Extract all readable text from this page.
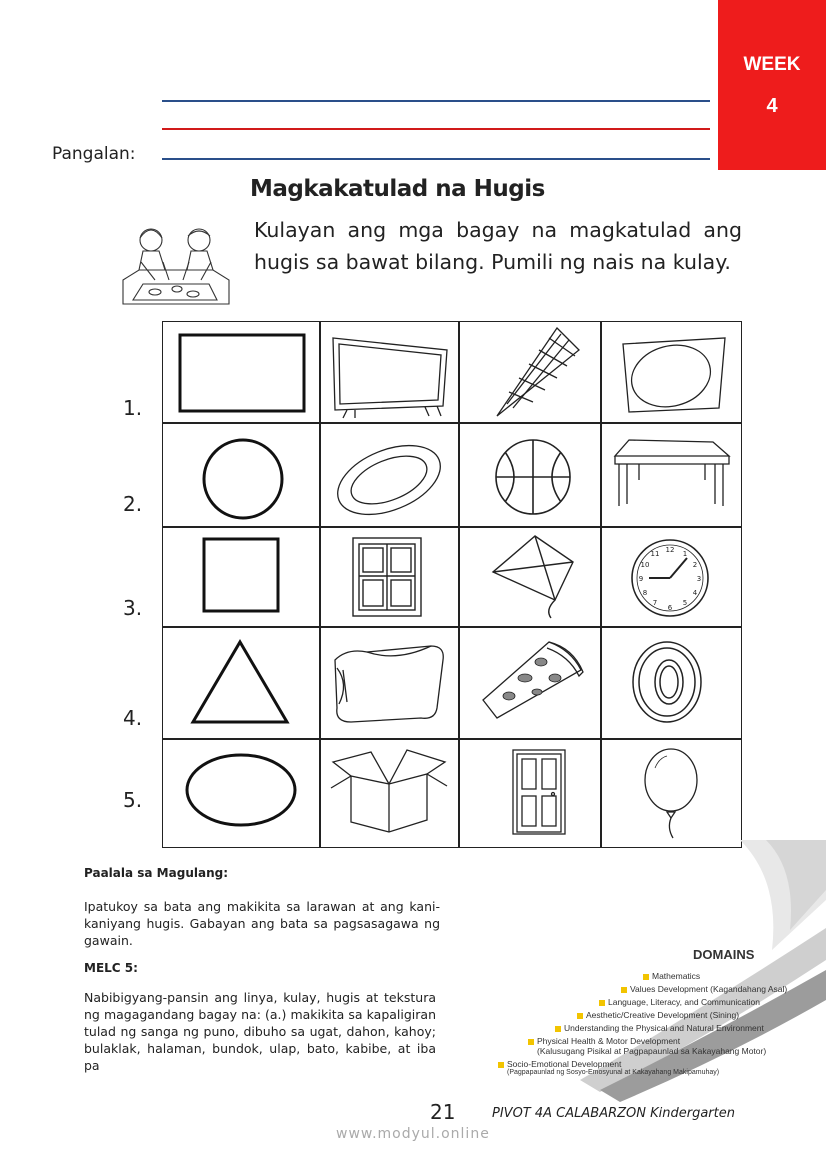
WEEK
4
Pangalan:
Magkakatulad na Hugis
Kulayan ang mga bagay na magkatulad ang hugis sa bawat bilang. Pumili ng nais na kulay.
1.
2.
3.
4.
5.
12 1
2
3
4
5
6
7
8
9
10
11
DOMAINS
Mathematics
Values Development (Kagandahang Asal)
Language, Literacy, and Communication
Aesthetic/Creative Development (Sining)
Understanding the Physical and Natural Environment
Physical Health & Motor Development
(Kalusugang Pisikal at Pagpapaunlad sa Kakayahang Motor)
Socio-Emotional Development
(Pagpapaunlad ng Sosyo-Emosyunal at Kakayahang Makipamuhay)
Paalala sa Magulang:
Ipatukoy sa bata ang makikita sa larawan at ang kani-kaniyang hugis. Gabayan ang bata sa pagsasagawa ng gawain.
MELC 5:
Nabibigyang-pansin ang linya, kulay, hugis at tekstura ng magagandang bagay na: (a.) makikita sa kapaligiran tulad ng sanga ng puno, dibuho sa ugat, dahon, kahoy; bulaklak, halaman, bundok, ulap, bato, kabibe, at iba pa
21	PIVOT 4A CALABARZON Kindergarten
www.modyul.online
